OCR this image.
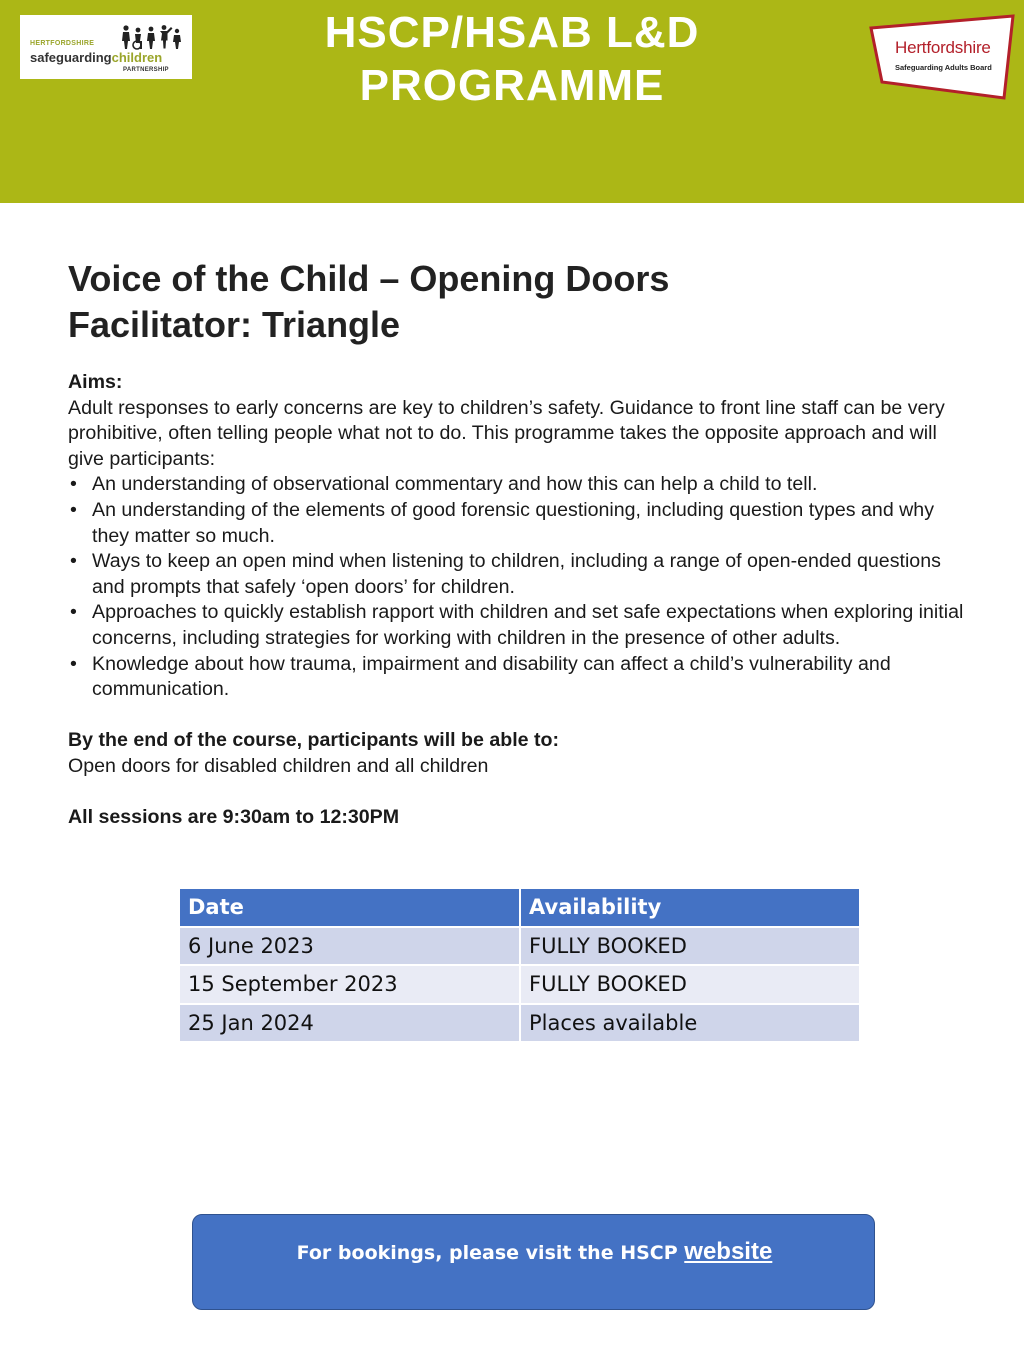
HERTFORDSHIRE
safeguardingchildren
PARTNERSHIP
HSCP/HSAB L&D
PROGRAMME
Hertfordshire
Safeguarding Adults Board
Voice of the Child – Opening Doors
Facilitator: Triangle
Aims:
Adult responses to early concerns are key to children’s safety. Guidance to front line staff can be very prohibitive, often telling people what not to do. This programme takes the opposite approach and will give participants:
• An understanding of observational commentary and how this can help a child to tell.
• An understanding of the elements of good forensic questioning, including question types and why they matter so much.
• Ways to keep an open mind when listening to children, including a range of open-ended questions and prompts that safely ‘open doors’ for children.
• Approaches to quickly establish rapport with children and set safe expectations when exploring initial concerns, including strategies for working with children in the presence of other adults.
• Knowledge about how trauma, impairment and disability can affect a child’s vulnerability and communication.
By the end of the course, participants will be able to:
Open doors for disabled children and all children
All sessions are 9:30am to 12:30PM
Date	Availability
6 June 2023	FULLY BOOKED
15 September 2023	FULLY BOOKED
25 Jan 2024	Places available
For bookings, please visit the HSCP website
